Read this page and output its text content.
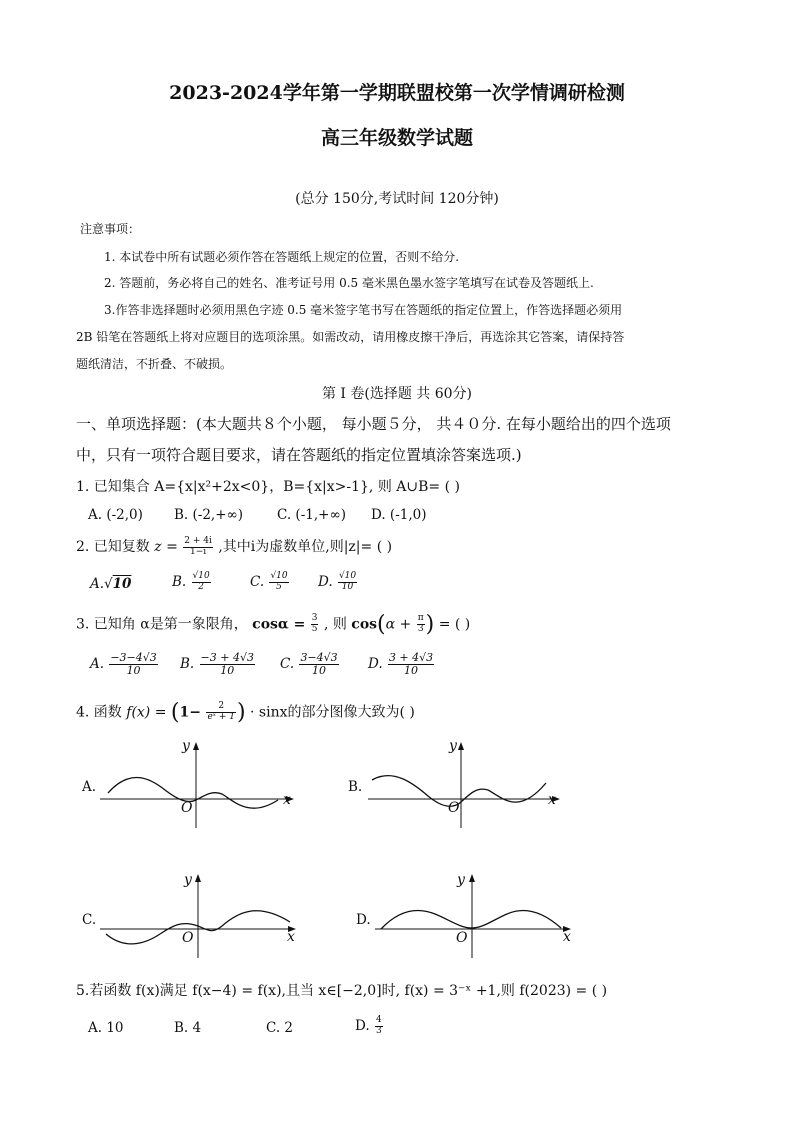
2023-2024学年第一学期联盟校第一次学情调研检测
高三年级数学试题
(总分 150分,考试时间 120分钟)
注意事项：
1. 本试卷中所有试题必须作答在答题纸上规定的位置，否则不给分.
2. 答题前，务必将自己的姓名、准考证号用 0.5 毫米黑色墨水签字笔填写在试卷及答题纸上.
3.作答非选择题时必须用黑色字迹 0.5 毫米签字笔书写在答题纸的指定位置上，作答选择题必须用
2B 铅笔在答题纸上将对应题目的选项涂黑。如需改动，请用橡皮擦干净后，再选涂其它答案，请保持答
题纸清洁，不折叠、不破损。
第 I 卷(选择题 共 60分)
一、单项选择题：(本大题共８个小题， 每小题５分， 共４０分. 在每小题给出的四个选项
中，只有一项符合题目要求，请在答题纸的指定位置填涂答案选项.)
1. 已知集合 A={x|x²+2x<0}，B={x|x>-1}, 则 A∪B= ( )
A. (-2,0) B. (-2,+∞)	C. (-1,+∞) D. (-1,0)
2. 已知复数 $z = \frac{2 + 4i}{1-i}$ ,其中i为虚数单位,则|z|= ( )
A.√10	B. $\frac{√10}{2}$	C. $\frac{√10}{5} D$. $\frac{√10}{10}$
3. 已知角 α是第一象限角， $\cos\alpha = \frac{3}{5}$ , 则 $\cos(\alpha + \frac{\pi}{3}$ ) = ( )
A. $\frac{-3-4√3}{10} B$. $\frac{-3 + 4√3}{10} C$. $\frac{3-4√3}{10} D$. $\frac{3 + 4√3}{10}$
4. 函数 $f(x) = (1- \frac{2}{\text{eˣ + 1}}$ ) · sinx的部分图像大致为( )
A.
y
x
O
B.
y
x
O
C.
y
x
O
D.
y
x
O
5.若函数 f(x)满足 f(x−4) = f(x),且当 x∈[−2,0]时, f(x) = 3⁻ˣ +1,则 f(2023) = ( )
A. 10	B. 4	C. 2	D. $\frac{4}{3}$
